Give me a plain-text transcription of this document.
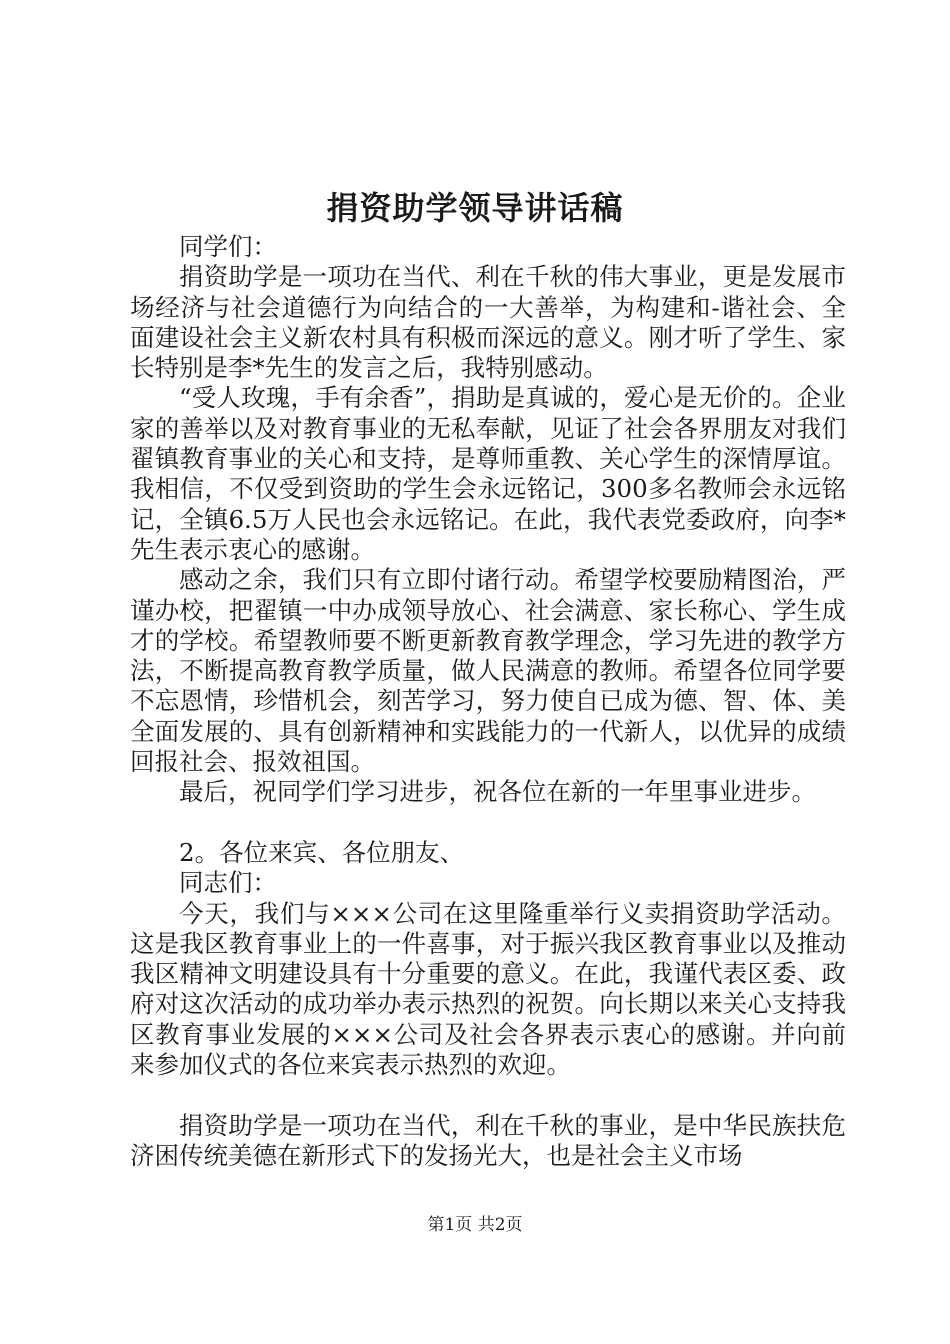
捐资助学领导讲话稿

同学们：

捐资助学是一项功在当代、利在千秋的伟大事业，更是发展市场经济与社会道德行为向结合的一大善举，为构建和-谐社会、全面建设社会主义新农村具有积极而深远的意义。刚才听了学生、家长特别是李*先生的发言之后，我特别感动。

“受人玫瑰，手有余香”，捐助是真诚的，爱心是无价的。企业家的善举以及对教育事业的无私奉献，见证了社会各界朋友对我们翟镇教育事业的关心和支持，是尊师重教、关心学生的深情厚谊。我相信，不仅受到资助的学生会永远铭记，300多名教师会永远铭记，全镇6.5万人民也会永远铭记。在此，我代表党委政府，向李*先生表示衷心的感谢。

感动之余，我们只有立即付诸行动。希望学校要励精图治，严谨办校，把翟镇一中办成领导放心、社会满意、家长称心、学生成才的学校。希望教师要不断更新教育教学理念，学习先进的教学方法，不断提高教育教学质量，做人民满意的教师。希望各位同学要不忘恩情，珍惜机会，刻苦学习，努力使自已成为德、智、体、美全面发展的、具有创新精神和实践能力的一代新人，以优异的成绩回报社会、报效祖国。

最后，祝同学们学习进步，祝各位在新的一年里事业进步。

2。各位来宾、各位朋友、

同志们：

今天，我们与×××公司在这里隆重举行义卖捐资助学活动。这是我区教育事业上的一件喜事，对于振兴我区教育事业以及推动我区精神文明建设具有十分重要的意义。在此，我谨代表区委、政府对这次活动的成功举办表示热烈的祝贺。向长期以来关心支持我区教育事业发展的×××公司及社会各界表示衷心的感谢。并向前来参加仪式的各位来宾表示热烈的欢迎。

捐资助学是一项功在当代，利在千秋的事业，是中华民族扶危济困传统美德在新形式下的发扬光大，也是社会主义市场

第1页 共2页
